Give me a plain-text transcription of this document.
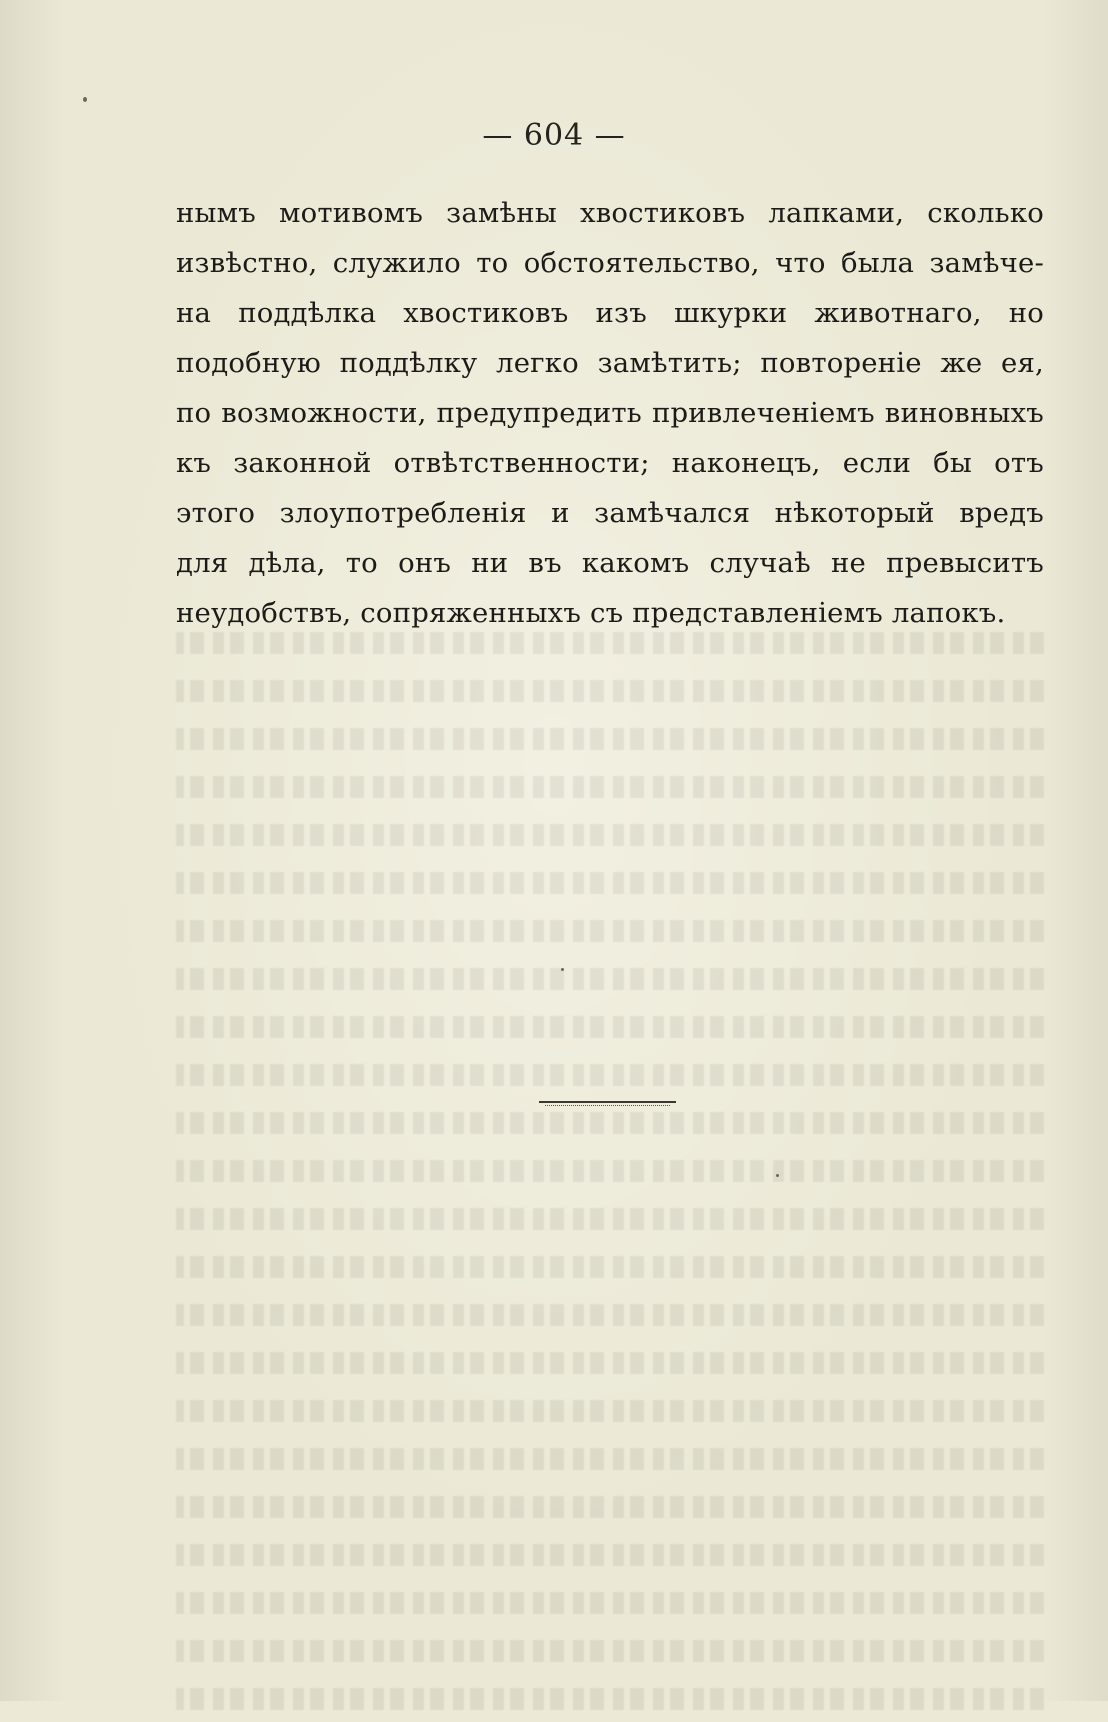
— 604 —
нымъ мотивомъ замѣны хвостиковъ лапками, сколько
извѣстно, служило то обстоятельство, что была замѣче-
на поддѣлка хвостиковъ изъ шкурки животнаго, но
подобную поддѣлку легко замѣтить; повтореніе же ея,
по возможности, предупредить привлеченіемъ виновныхъ
къ законной отвѣтственности; наконецъ, если бы отъ
этого злоупотребленія и замѣчался нѣкоторый вредъ
для дѣла, то онъ ни въ какомъ случаѣ не превыситъ
неудобствъ, сопряженныхъ съ представленіемъ лапокъ.
